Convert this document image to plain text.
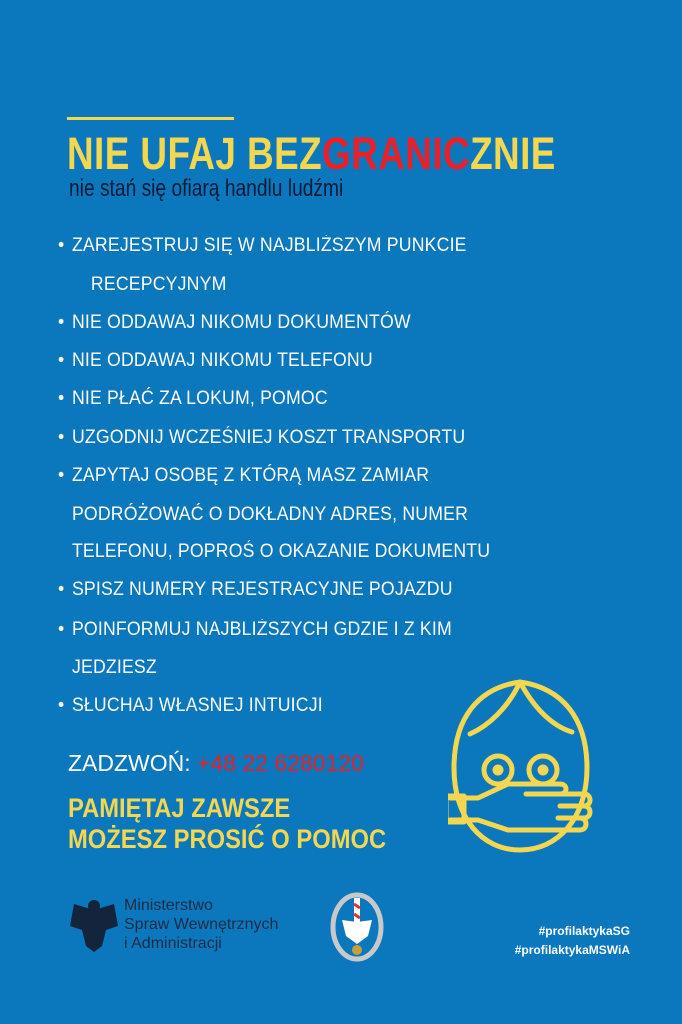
NIE UFAJ BEZGRANICZNIE
nie stań się ofiarą handlu ludźmi
• ZAREJESTRUJ SIĘ W NAJBLIŻSZYM PUNKCIE
RECEPCYJNYM
• NIE ODDAWAJ NIKOMU DOKUMENTÓW
• NIE ODDAWAJ NIKOMU TELEFONU
• NIE PŁAĆ ZA LOKUM, POMOC
• UZGODNIJ WCZEŚNIEJ KOSZT TRANSPORTU
• ZAPYTAJ OSOBĘ Z KTÓRĄ MASZ ZAMIAR
PODRÓŻOWAĆ O DOKŁADNY ADRES, NUMER
TELEFONU, POPROŚ O OKAZANIE DOKUMENTU
• SPISZ NUMERY REJESTRACYJNE POJAZDU
• POINFORMUJ NAJBLIŻSZYCH GDZIE I Z KIM
JEDZIESZ
• SŁUCHAJ WŁASNEJ INTUICJI
ZADZWOŃ: +48 22 6280120
PAMIĘTAJ ZAWSZE
MOŻESZ PROSIĆ O POMOC
Ministerstwo
Spraw Wewnętrznych
i Administracji
#profilaktykaSG
#profilaktykaMSWiA
